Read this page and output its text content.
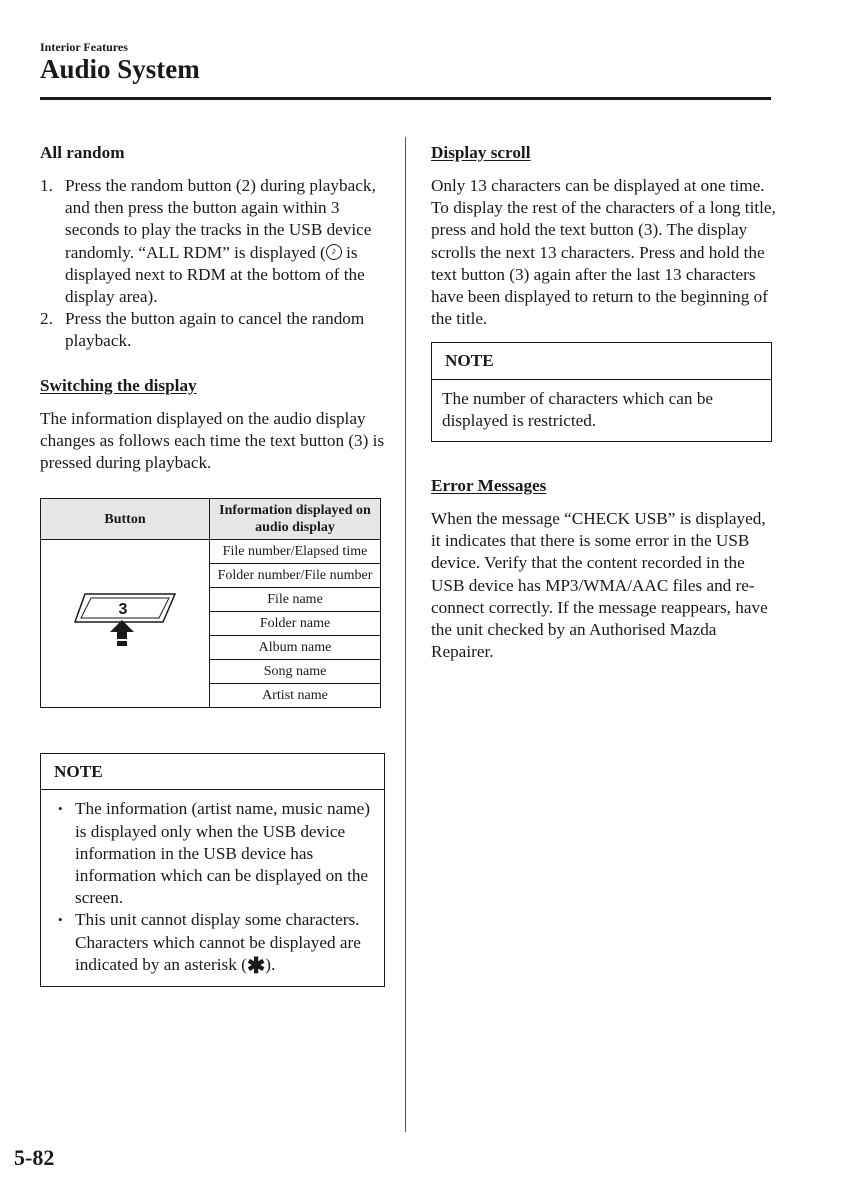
Interior Features
Audio System
All random
1. Press the random button (2) during playback, and then press the button again within 3 seconds to play the tracks in the USB device randomly. “ALL RDM” is displayed ( ♪ is displayed next to RDM at the bottom of the display area).
2. Press the button again to cancel the random playback.
Switching the display

The information displayed on the audio display changes as follows each time the text button (3) is pressed during playback.

Button	Information displayed on audio display

3	File number/Elapsed time
	Folder number/File number
	File name
	Folder name
	Album name
	Song name
	Artist name
NOTE
• The information (artist name, music name) is displayed only when the USB device information in the USB device has information which can be displayed on the screen.
• This unit cannot display some characters. Characters which cannot be displayed are indicated by an asterisk (✱).
Display scroll

Only 13 characters can be displayed at one time. To display the rest of the characters of a long title, press and hold the text button (3). The display scrolls the next 13 characters. Press and hold the text button (3) again after the last 13 characters have been displayed to return to the beginning of the title.

NOTE
The number of characters which can be displayed is restricted.
Error Messages

When the message “CHECK USB” is displayed, it indicates that there is some error in the USB device. Verify that the content recorded in the USB device has MP3/WMA/AAC files and re-connect correctly. If the message reappears, have the unit checked by an Authorised Mazda Repairer.

5-82
